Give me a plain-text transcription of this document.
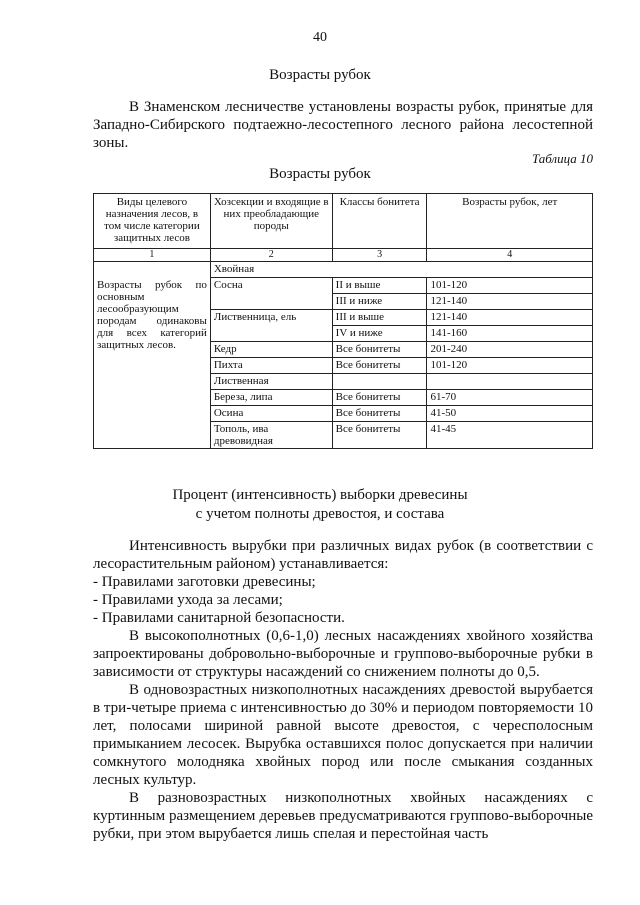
40
Возрасты рубок
В Знаменском лесничестве установлены возрасты рубок, принятые для Западно-Сибирского подтаежно-лесостепного лесного района лесостепной зоны.
Таблица 10
Возрасты рубок
Виды целевого назначения лесов, в том числе категории защитных лесов	Хозсекции и входящие в них преобладающие породы	Классы бонитета	Возрасты рубок, лет
1	2	3	4
	Хвойная		
Возрасты рубок по основным лесообразующим породам одинаковы для всех категорий защитных лесов.	Сосна	II и выше	101-120
		III и ниже	121-140
	Лиственница, ель	III и выше	121-140
		IV и ниже	141-160
	Кедр	Все бонитеты	201-240
	Пихта	Все бонитеты	101-120
	Лиственная		
	Береза, липа	Все бонитеты	61-70
	Осина	Все бонитеты	41-50
	Тополь, ива древовидная	Все бонитеты	41-45
Процент (интенсивность) выборки древесины
с учетом полноты древостоя, и состава
Интенсивность вырубки при различных видах рубок (в соответствии с лесорастительным районом) устанавливается:
- Правилами заготовки древесины;
- Правилами ухода за лесами;
- Правилами санитарной безопасности.
В высокополнотных (0,6-1,0) лесных насаждениях хвойного хозяйства запроектированы добровольно-выборочные и группово-выборочные рубки в зависимости от структуры насаждений со снижением полноты до 0,5.
В одновозрастных низкополнотных насаждениях древостой вырубается в три-четыре приема с интенсивностью до 30% и периодом повторяемости 10 лет, полосами шириной равной высоте древостоя, с чересполосным примыканием лесосек. Вырубка оставшихся полос допускается при наличии сомкнутого молодняка хвойных пород или после смыкания созданных лесных культур.
В разновозрастных низкополнотных хвойных насаждениях с куртинным размещением деревьев предусматриваются группово-выборочные рубки, при этом вырубается лишь спелая и перестойная часть
